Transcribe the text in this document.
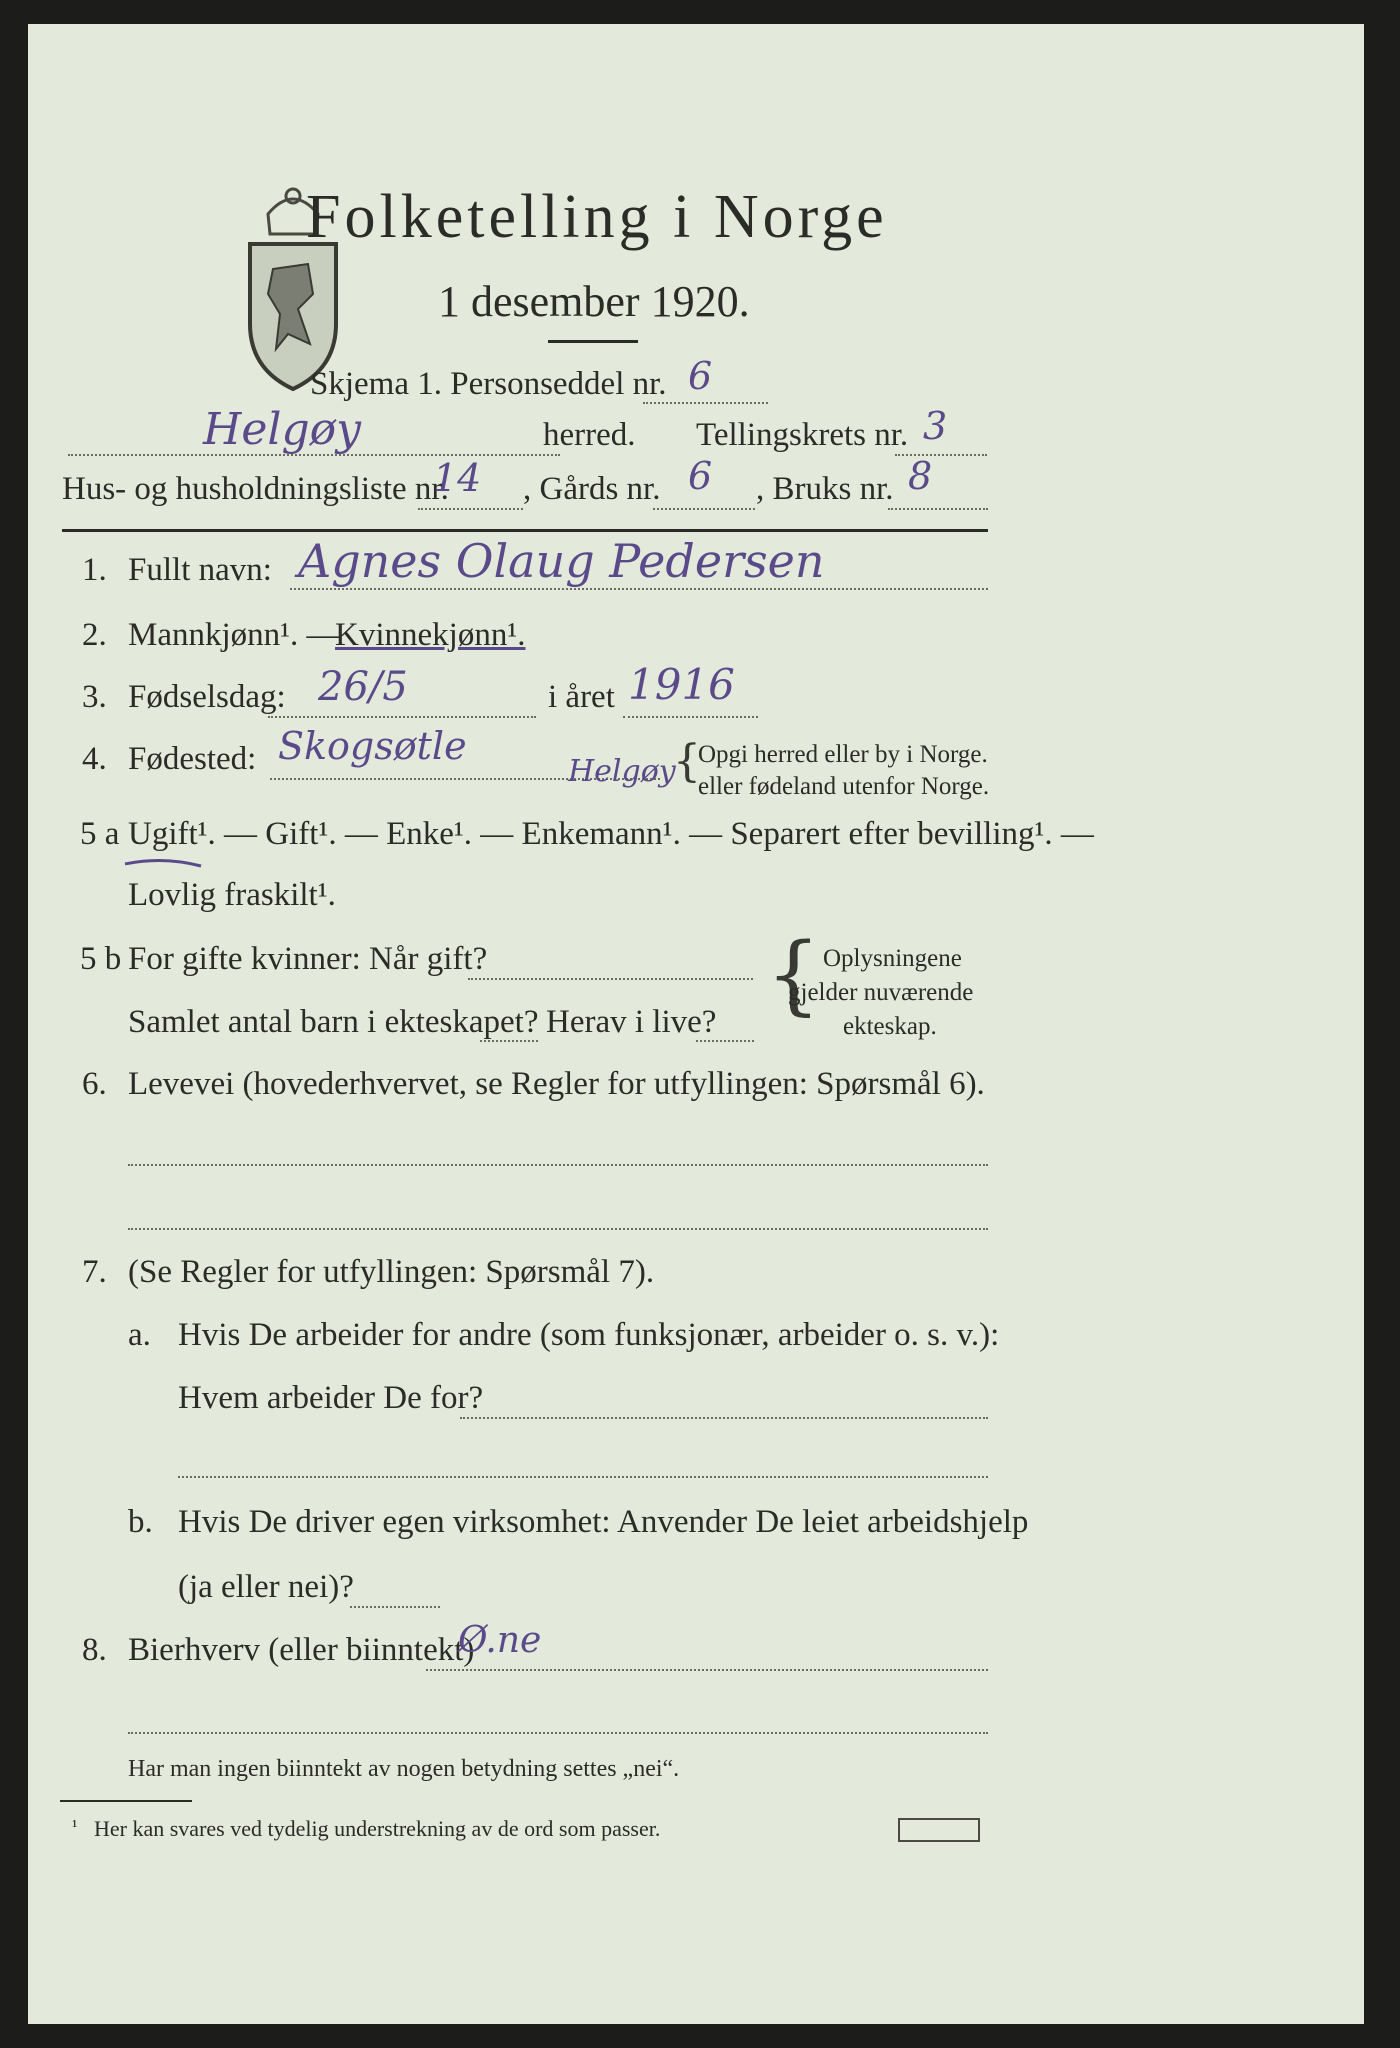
Folketelling i Norge
1 desember 1920.
Skjema 1. Personseddel nr. 6
Helgøy	herred. Tellingskrets nr. 3
Hus- og husholdningsliste nr.
14 , Gårds nr. 6 , Bruks nr. 8
1. Fullt navn: Agnes Olaug Pedersen
2. Mannkjønn¹. —
Kvinnekjønn¹.
3. Fødselsdag: 26/5	i året 1916
4. Fødested: Skogsøtle
Helgøy
{
Opgi herred eller by i Norge.
eller fødeland utenfor Norge.
5 a Ugift¹. — Gift¹. — Enke¹. — Enkemann¹. — Separert efter bevilling¹. —
Lovlig fraskilt¹.
5 b For gifte kvinner: Når gift?
Samlet antal barn i ekteskapet? Herav i live? { Oplysningene
gjelder nuværende
ekteskap.
6. Levevei (hovederhvervet, se Regler for utfyllingen: Spørsmål 6).
7. (Se Regler for utfyllingen: Spørsmål 7).
a. Hvis De arbeider for andre (som funksjonær, arbeider o. s. v.):
Hvem arbeider De for?
b. Hvis De driver egen virksomhet: Anvender De leiet arbeidshjelp
(ja eller nei)?
8. Bierhverv (eller biinntekt)
Ø.ne
Har man ingen biinntekt av nogen betydning settes „nei“.
¹ Her kan svares ved tydelig understrekning av de ord som passer.
